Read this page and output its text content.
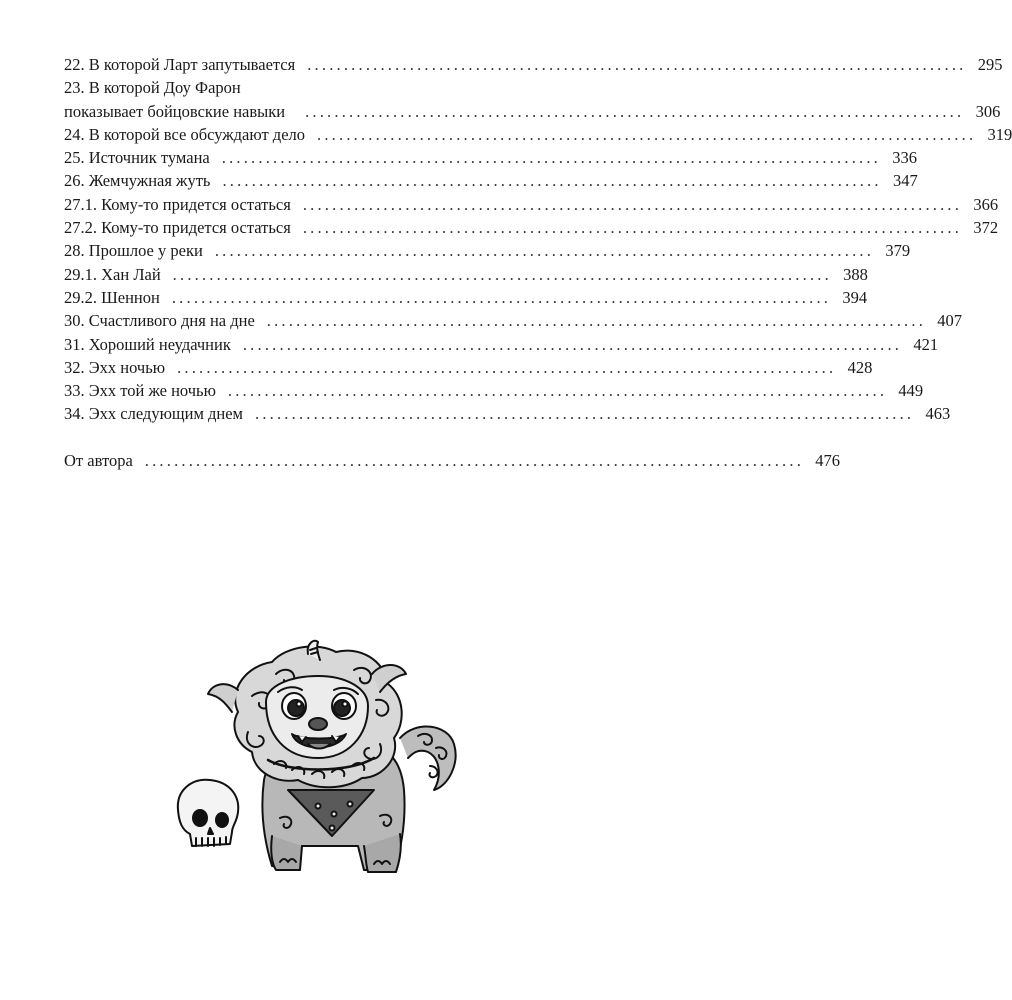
22. В которой Ларт запутывается .......................................................................................... 295
23. В которой Доу Фарон
показывает бойцовские навыки .......................................................................................... 306
24. В которой все обсуждают дело .......................................................................................... 319
25. Источник тумана .......................................................................................... 336
26. Жемчужная жуть .......................................................................................... 347
27.1. Кому-то придется остаться .......................................................................................... 366
27.2. Кому-то придется остаться .......................................................................................... 372
28. Прошлое у реки .......................................................................................... 379
29.1. Хан Лай .......................................................................................... 388
29.2. Шеннон .......................................................................................... 394
30. Счастливого дня на дне .......................................................................................... 407
31. Хороший неудачник .......................................................................................... 421
32. Эхх ночью .......................................................................................... 428
33. Эхх той же ночью .......................................................................................... 449
34. Эхх следующим днем .......................................................................................... 463
От автора .......................................................................................... 476
